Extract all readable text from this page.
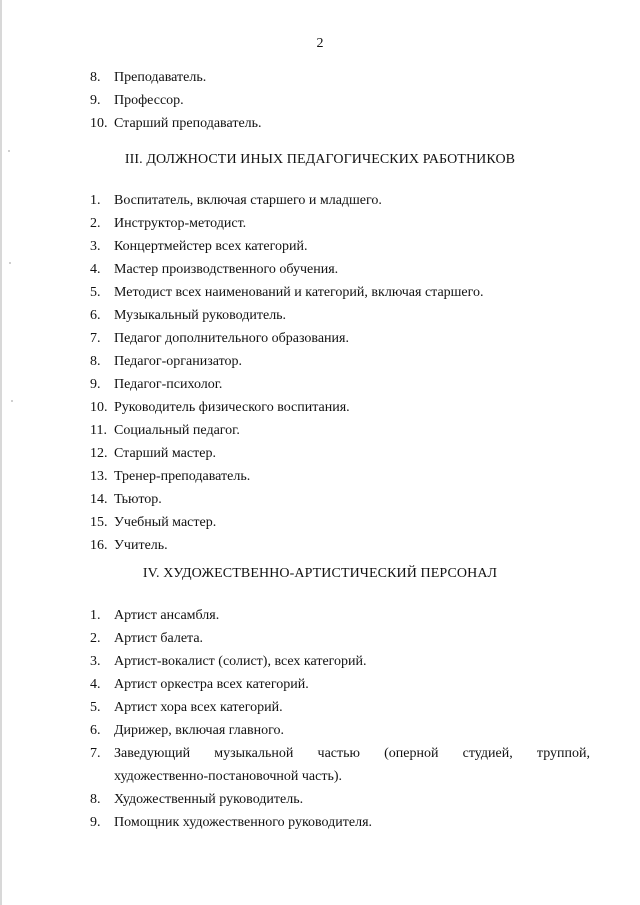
2
8. Преподаватель.
9. Профессор.
10. Старший преподаватель.
III. ДОЛЖНОСТИ ИНЫХ ПЕДАГОГИЧЕСКИХ РАБОТНИКОВ
1. Воспитатель, включая старшего и младшего.
2. Инструктор-методист.
3. Концертмейстер всех категорий.
4. Мастер производственного обучения.
5. Методист всех наименований и категорий, включая старшего.
6. Музыкальный руководитель.
7. Педагог дополнительного образования.
8. Педагог-организатор.
9. Педагог-психолог.
10. Руководитель физического воспитания.
11. Социальный педагог.
12. Старший мастер.
13. Тренер-преподаватель.
14. Тьютор.
15. Учебный мастер.
16. Учитель.
IV. ХУДОЖЕСТВЕННО-АРТИСТИЧЕСКИЙ ПЕРСОНАЛ
1. Артист ансамбля.
2. Артист балета.
3. Артист-вокалист (солист), всех категорий.
4. Артист оркестра всех категорий.
5. Артист хора всех категорий.
6. Дирижер, включая главного.
7. Заведующий музыкальной частью (оперной студией, труппой,
художественно-постановочной часть).
8. Художественный руководитель.
9. Помощник художественного руководителя.
